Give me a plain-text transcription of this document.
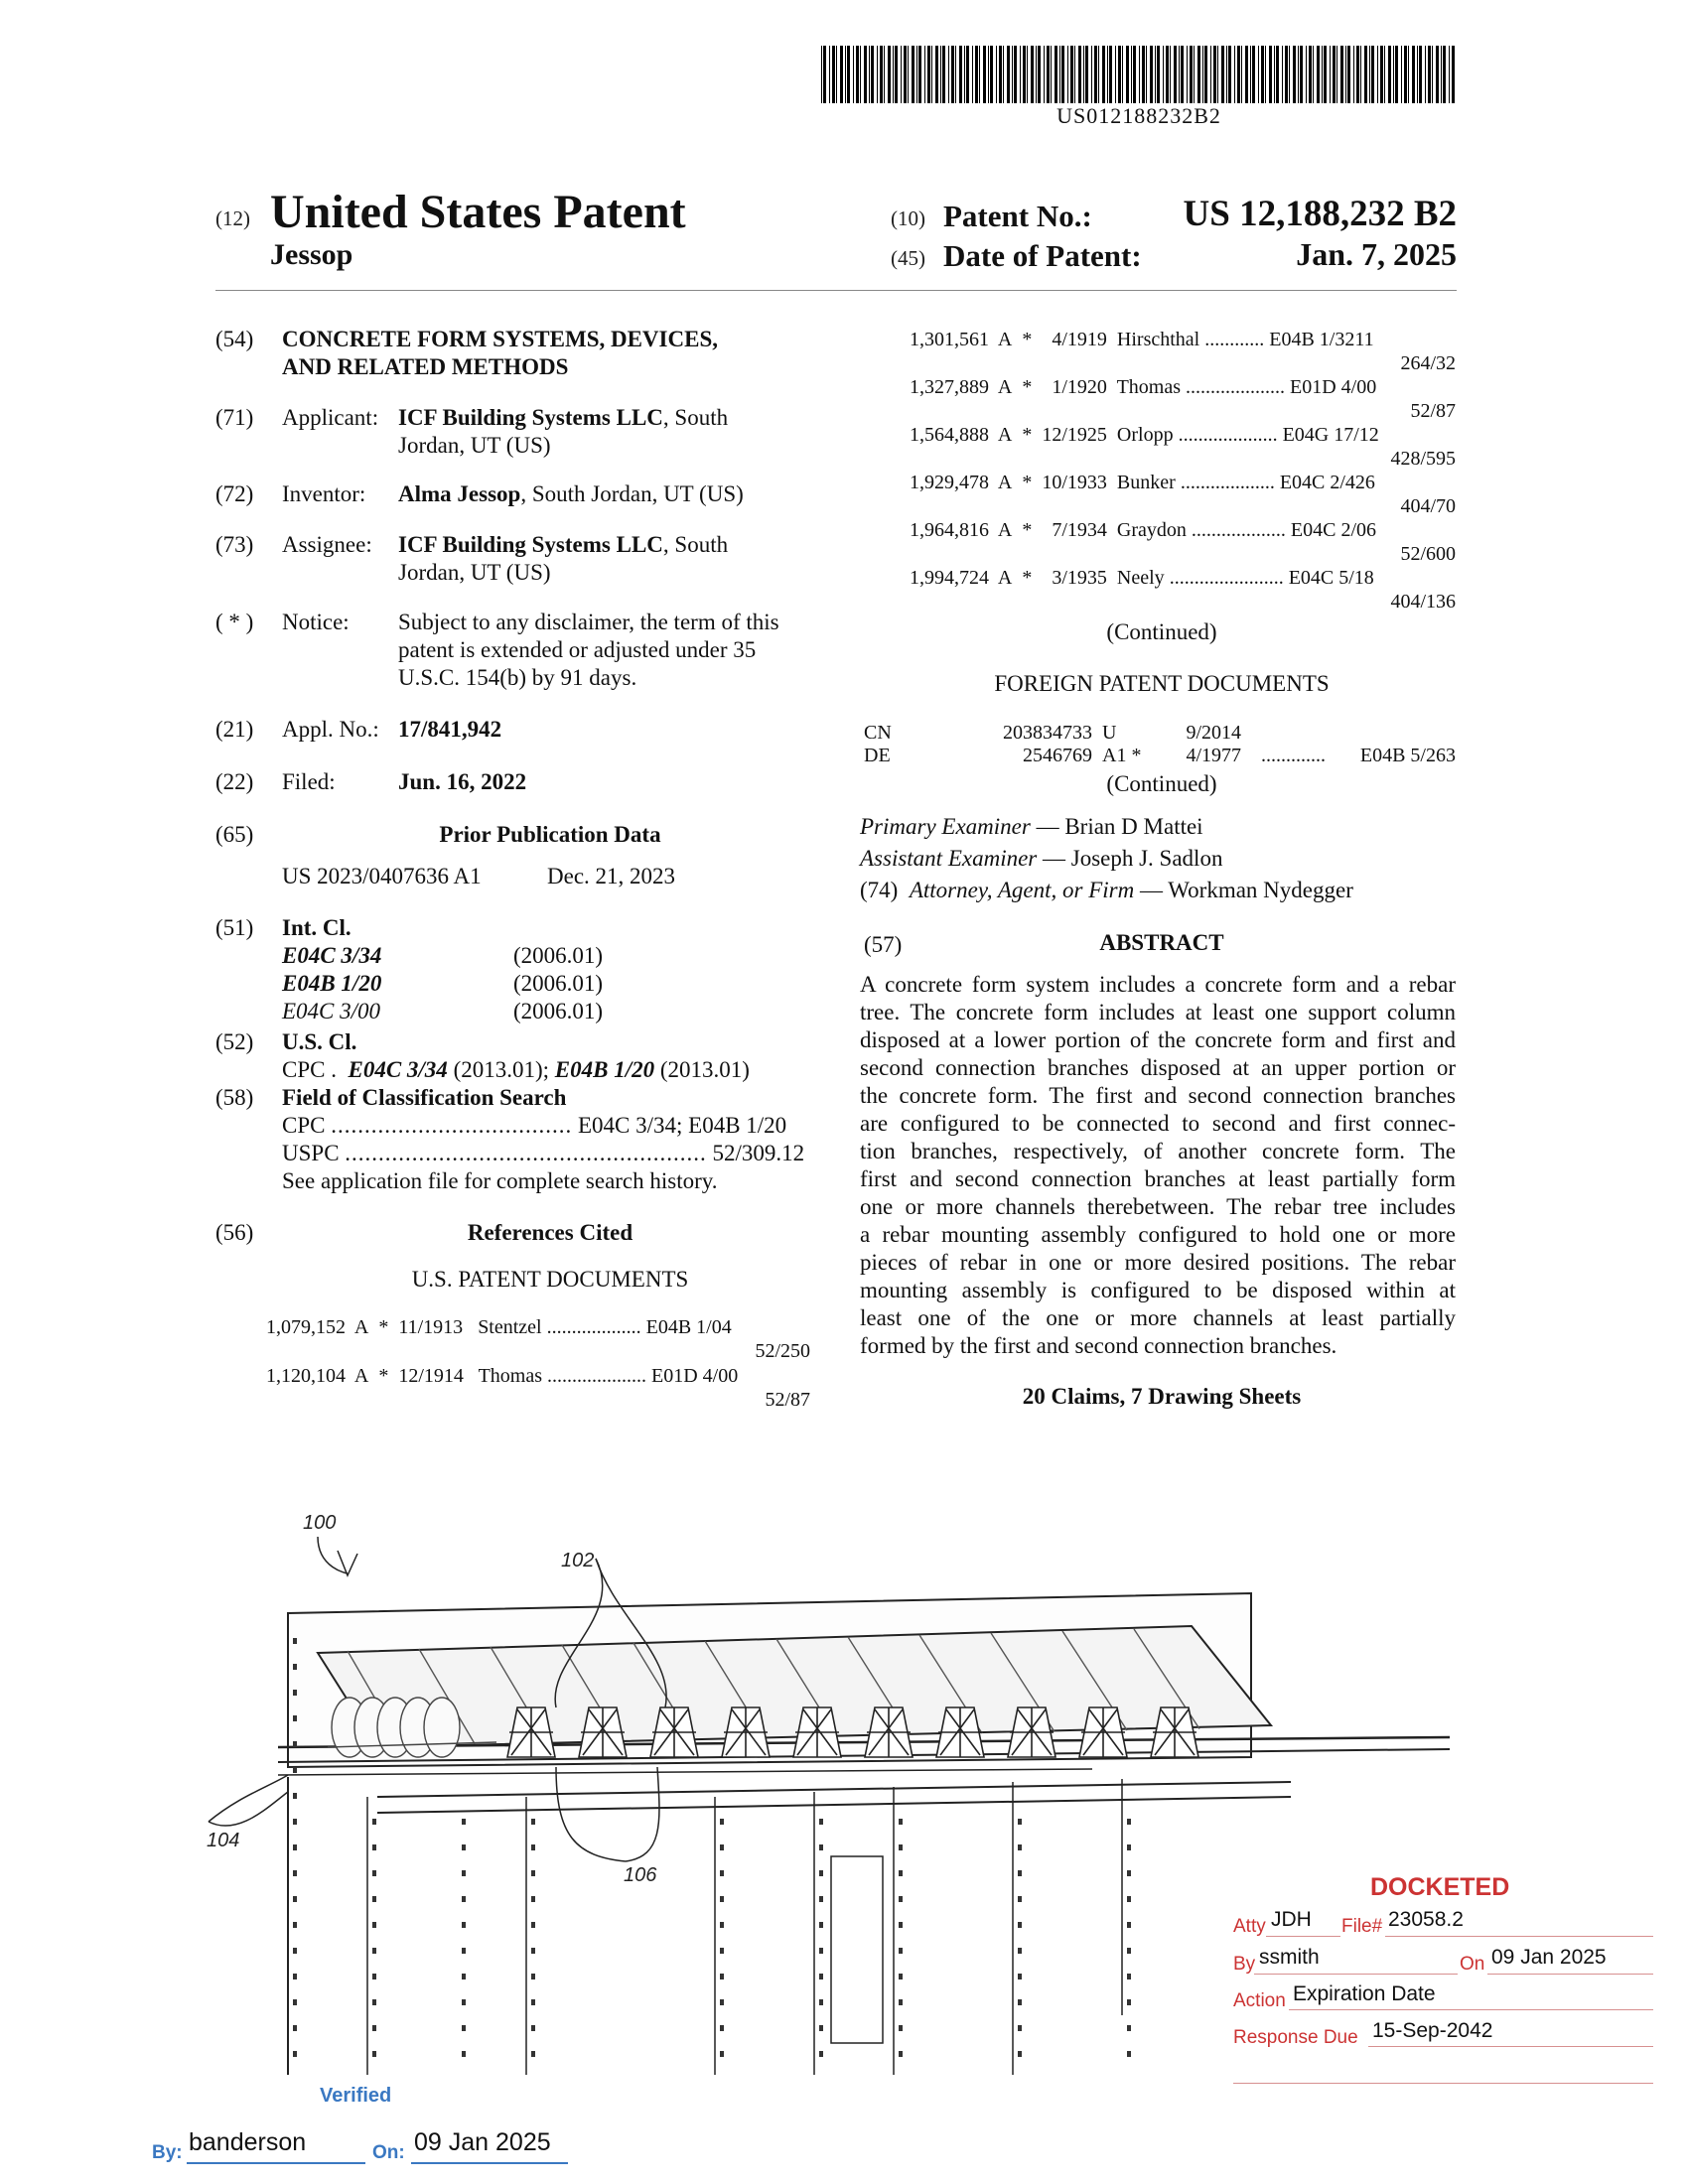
US012188232B2
(12) United States Patent
Jessop
(10) Patent No.:	US 12,188,232 B2
(45) Date of Patent:	Jan. 7, 2025
(54) CONCRETE FORM SYSTEMS, DEVICES,
AND RELATED METHODS
(71) Applicant: ICF Building Systems LLC, South
Jordan, UT (US)
(72) Inventor: Alma Jessop, South Jordan, UT (US)
(73) Assignee: ICF Building Systems LLC, South
Jordan, UT (US)
( * ) Notice: Subject to any disclaimer, the term of this
patent is extended or adjusted under 35
U.S.C. 154(b) by 91 days.
(21) Appl. No.: 17/841,942
(22) Filed:	Jun. 16, 2022
(65)	Prior Publication Data
US 2023/0407636 A1	Dec. 21, 2023
(51) Int. Cl.
E04C 3/34	(2006.01)
E04B 1/20	(2006.01)
E04C 3/00	(2006.01)
(52) U.S. Cl.
CPC . E04C 3/34 (2013.01); E04B 1/20 (2013.01)
(58) Field of Classification Search
CPC .................................... E04C 3/34; E04B 1/20
USPC ...................................................... 52/309.12
See application file for complete search history.
(56)	References Cited
U.S. PATENT DOCUMENTS
1,079,152 A * 11/1913 Stentzel ................... E04B 1/04
52/250
1,120,104 A * 12/1914 Thomas .................... E01D 4/00
52/87
1,301,561 A * 4/1919 Hirschthal ............ E04B 1/3211
264/32
1,327,889 A * 1/1920 Thomas .................... E01D 4/00
52/87
1,564,888 A * 12/1925 Orlopp .................... E04G 17/12
428/595
1,929,478 A * 10/1933 Bunker ................... E04C 2/426
404/70
1,964,816 A * 7/1934 Graydon ................... E04C 2/06
52/600
1,994,724 A * 3/1935 Neely ....................... E04C 5/18
404/136
(Continued)
FOREIGN PATENT DOCUMENTS
CN	203834733 U	9/2014
DE	2546769 A1 *	4/1977 .............	E04B 5/263
(Continued)
Primary Examiner — Brian D Mattei
Assistant Examiner — Joseph J. Sadlon
(74) Attorney, Agent, or Firm — Workman Nydegger
(57)	ABSTRACT
A concrete form system includes a concrete form and a rebar
tree. The concrete form includes at least one support column
disposed at a lower portion of the concrete form and first and
second connection branches disposed at an upper portion or
the concrete form. The first and second connection branches
are configured to be connected to second and first connec-
tion branches, respectively, of another concrete form. The
first and second connection branches at least partially form
one or more channels therebetween. The rebar tree includes
a rebar mounting assembly configured to hold one or more
pieces of rebar in one or more desired positions. The rebar
mounting assembly is configured to be disposed within at
least one of the one or more channels at least partially
formed by the first and second connection branches.
20 Claims, 7 Drawing Sheets
100
102
104
106	DOCKETED
Atty JDH File# 23058.2
By ssmith	On 09 Jan 2025
Action Expiration Date
Response Due 15-Sep-2042
Verified
By: banderson	On: 09 Jan 2025
